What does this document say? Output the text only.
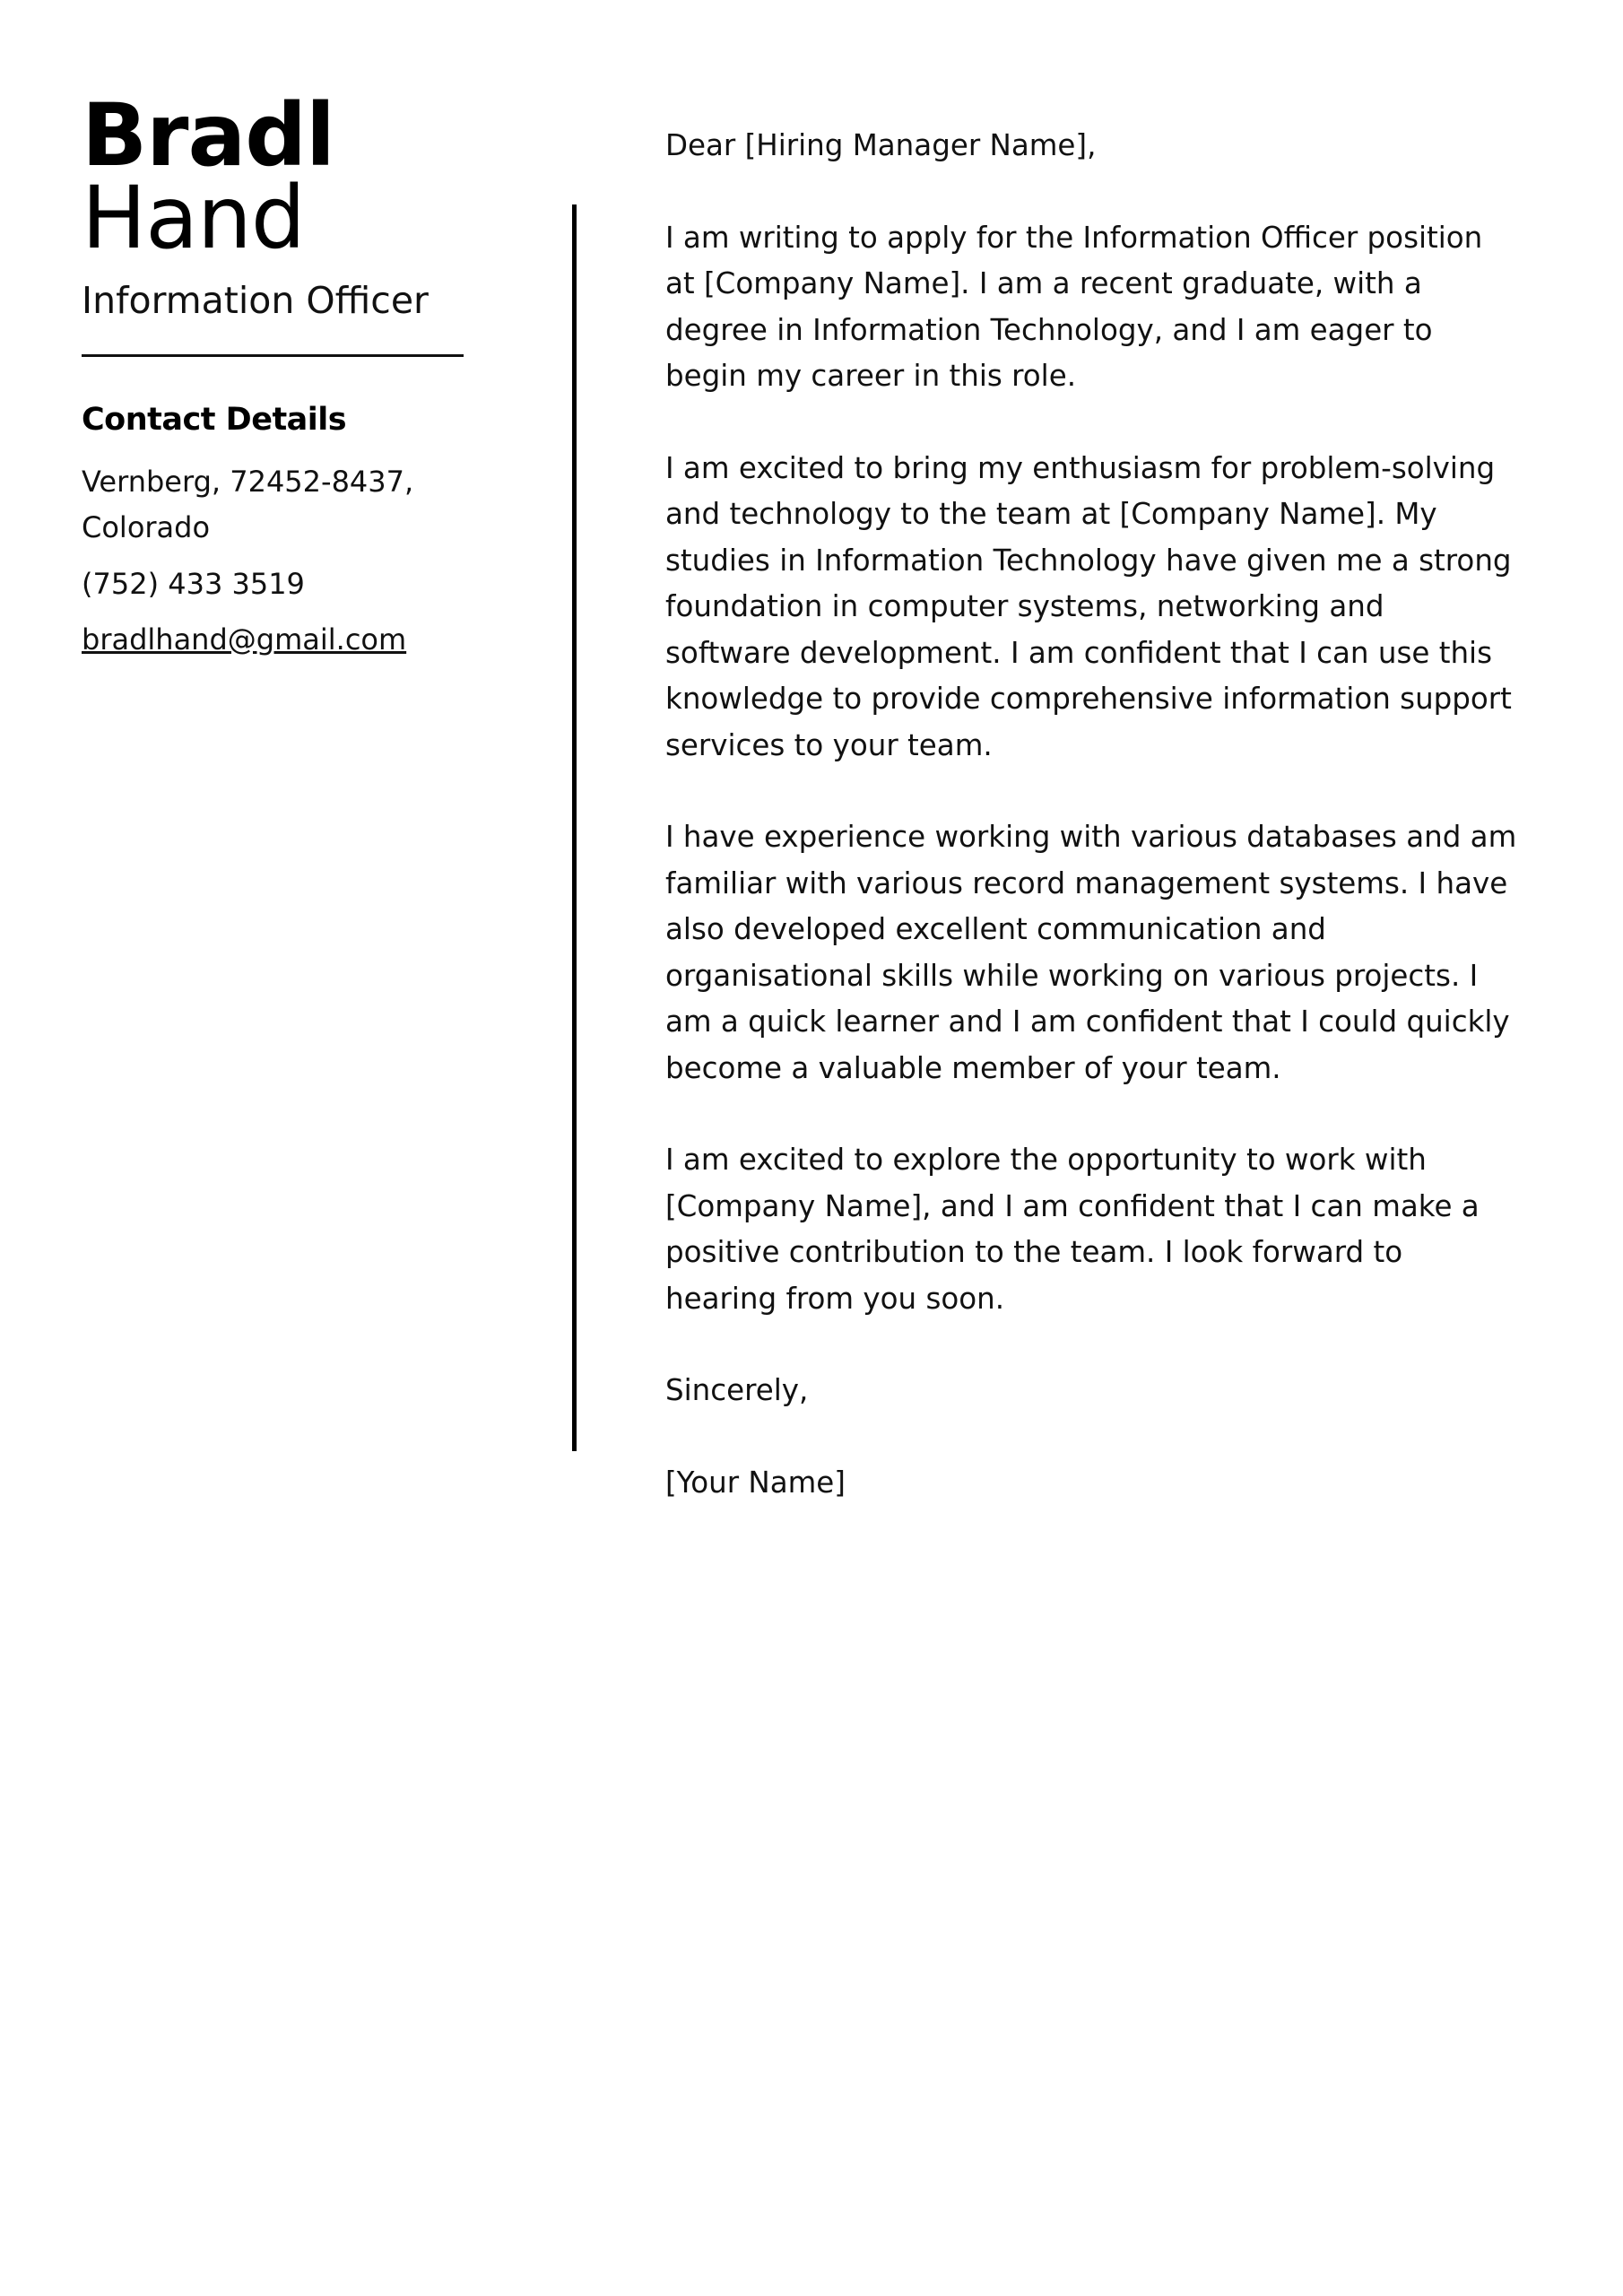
Bradl
Hand
Information Officer
Contact Details
Vernberg, 72452-8437, Colorado
(752) 433 3519
bradlhand@gmail.com

Dear [Hiring Manager Name],

I am writing to apply for the Information Officer position at [Company Name]. I am a recent graduate, with a degree in Information Technology, and I am eager to begin my career in this role.

I am excited to bring my enthusiasm for problem-solving and technology to the team at [Company Name]. My studies in Information Technology have given me a strong foundation in computer systems, networking and software development. I am confident that I can use this knowledge to provide comprehensive information support services to your team.

I have experience working with various databases and am familiar with various record management systems. I have also developed excellent communication and organisational skills while working on various projects. I am a quick learner and I am confident that I could quickly become a valuable member of your team.

I am excited to explore the opportunity to work with [Company Name], and I am confident that I can make a positive contribution to the team. I look forward to hearing from you soon.

Sincerely,

[Your Name]
